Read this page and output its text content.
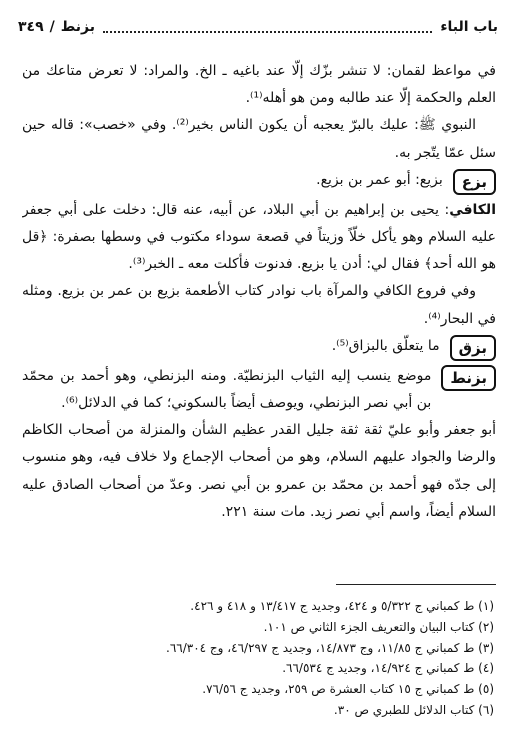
باب الباء
بزنط
/
٣٤٩

في مواعظ لقمان: لا تنشر بزّك إلّا عند باغيه ـ الخ. والمراد: لا تعرض متاعك من العلم والحكمة إلّا عند طالبه ومن هو أهله⁽¹⁾.

النبوي ﷺ: عليك بالبرّ يعجبه أن يكون الناس بخير⁽²⁾. وفي «خصب»: قاله حين سئل عمّا يتّجر به.

بزع
بزيع: أبو عمر بن بزيع.

الكافي: يحيى بن إبراهيم بن أبي البلاد، عن أبيه، عنه قال: دخلت على أبي جعفر عليه السلام وهو يأكل خلّاً وزيتاً في قصعة سوداء مكتوب في وسطها بصفرة: ﴿قل هو الله أحد﴾ فقال لي: أدن يا بزيع. فدنوت فأكلت معه ـ الخبر⁽³⁾.

وفي فروع الكافي والمرآة باب نوادر كتاب الأطعمة بزيع بن عمر بن بزيع. ومثله في البحار⁽⁴⁾.

بزق
ما يتعلّق بالبزاق⁽⁵⁾.

بزنط
موضع ينسب إليه الثياب البزنطيّة. ومنه البزنطي، وهو أحمد بن محمّد بن أبي نصر البزنطي، ويوصف أيضاً بالسكوني؛ كما في الدلائل⁽⁶⁾.

أبو جعفر وأبو عليّ ثقة ثقة جليل القدر عظيم الشأن والمنزلة من أصحاب الكاظم والرضا والجواد عليهم السلام، وهو من أصحاب الإجماع ولا خلاف فيه، وهو منسوب إلى جدّه فهو أحمد بن محمّد بن عمرو بن أبي نصر. وعدّ من أصحاب الصادق عليه السلام أيضاً، واسم أبي نصر زيد. مات سنة ٢٢١.

(١) ط كمباني ج ٥/٣٢٢ و ٤٢٤، وجديد ج ١٣/٤١٧ و ٤١٨ و ٤٢٦.
(٢) كتاب البيان والتعريف الجزء الثاني ص ١٠١.
(٣) ط كمباني ج ١١/٨٥، وج ١٤/٨٧٣، وجديد ج ٤٦/٢٩٧، وج ٦٦/٣٠٤.
(٤) ط كمباني ج ١٤/٩٢٤، وجديد ج ٦٦/٥٣٤.
(٥) ط كمباني ج ١٥ كتاب العشرة ص ٢٥٩، وجديد ج ٧٦/٥٦.
(٦) كتاب الدلائل للطبري ص ٣٠.
